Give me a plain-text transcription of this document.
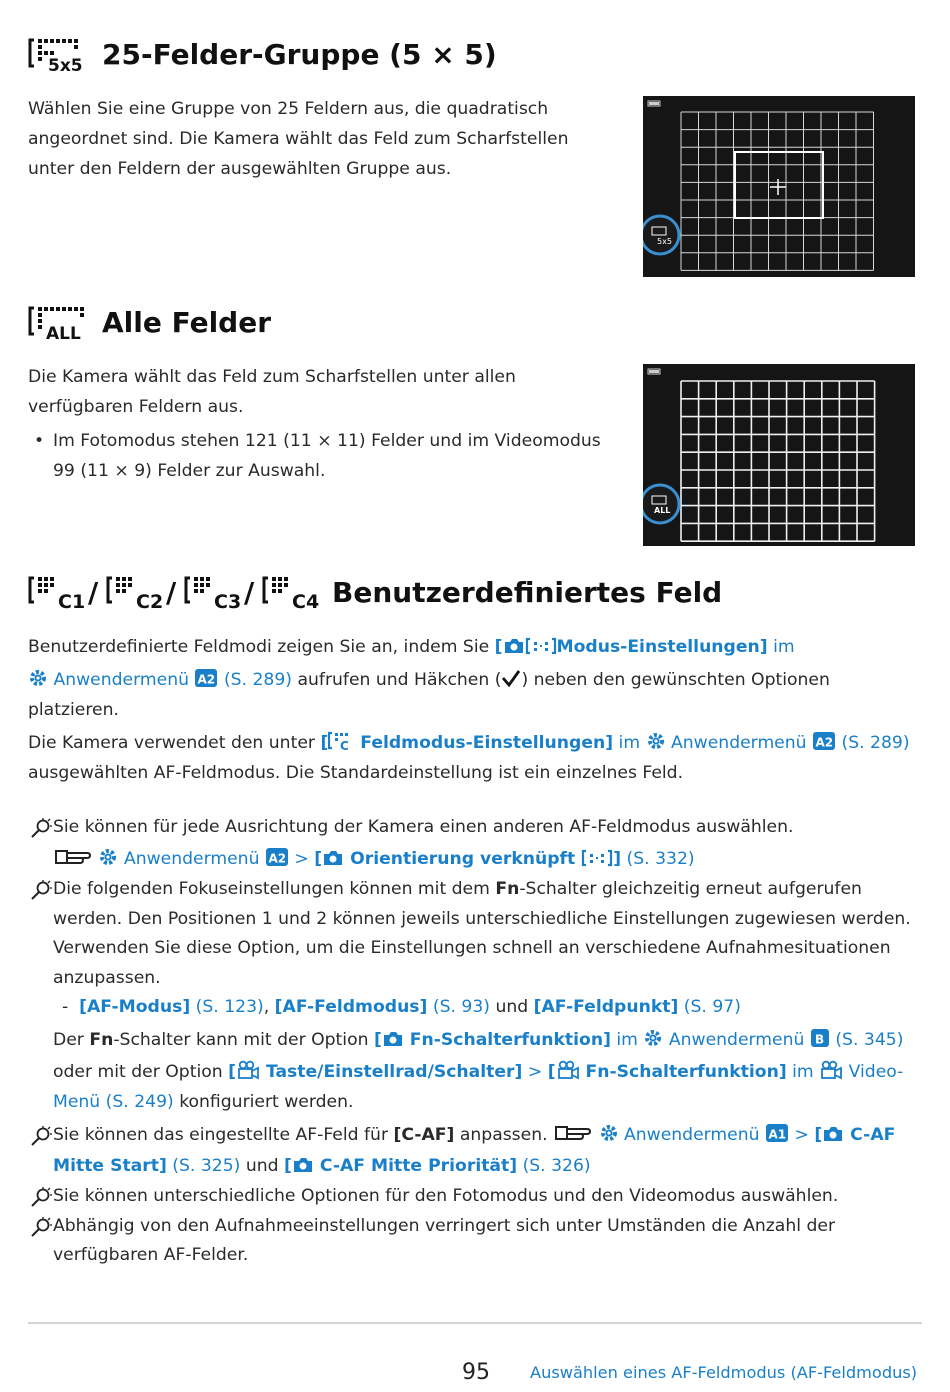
5x5 25-Felder-Gruppe (5 × 5)
Wählen Sie eine Gruppe von 25 Feldern aus, die quadratisch
angeordnet sind. Die Kamera wählt das Feld zum Scharfstellen
unter den Feldern der ausgewählten Gruppe aus.
5x5
ALL Alle Felder
Die Kamera wählt das Feld zum Scharfstellen unter allen
verfügbaren Feldern aus.
• Im Fotomodus stehen 121 (11 × 11) Felder und im Videomodus
99 (11 × 9) Felder zur Auswahl.
ALL
C1 / C2 / C3 / C4 Benutzerdefiniertes Feld
Benutzerdefinierte Feldmodi zeigen Sie an, indem Sie [	Modus-Einstellungen] im
Anwendermenü A2 (S. 289) aufrufen und Häkchen ( ) neben den gewünschten Optionen
platzieren.
Die Kamera verwendet den unter [ C Feldmodus-Einstellungen] im Anwendermenü A2 (S. 289)
ausgewählten AF-Feldmodus. Die Standardeinstellung ist ein einzelnes Feld.
Sie können für jede Ausrichtung der Kamera einen anderen AF-Feldmodus auswählen.
Anwendermenü A2 > [ Orientierung verknüpft ] (S. 332)
Die folgenden Fokuseinstellungen können mit dem Fn-Schalter gleichzeitig erneut aufgerufen
werden. Den Positionen 1 und 2 können jeweils unterschiedliche Einstellungen zugewiesen werden.
Verwenden Sie diese Option, um die Einstellungen schnell an verschiedene Aufnahmesituationen
anzupassen.
- [AF-Modus] (S. 123), [AF-Feldmodus] (S. 93) und [AF-Feldpunkt] (S. 97)
Der Fn-Schalter kann mit der Option [ Fn-Schalterfunktion] im Anwendermenü B (S. 345)
oder mit der Option [ Taste/Einstellrad/Schalter] > [ Fn-Schalterfunktion] im Video-
Menü (S. 249) konfiguriert werden.
Sie können das eingestellte AF-Feld für [C-AF] anpassen.	Anwendermenü A1 > [ C-AF
Mitte Start] (S. 325) und [ C-AF Mitte Priorität] (S. 326)
Sie können unterschiedliche Optionen für den Fotomodus und den Videomodus auswählen.
Abhängig von den Aufnahmeeinstellungen verringert sich unter Umständen die Anzahl der
verfügbaren AF-Felder.
95 Auswählen eines AF-Feldmodus (AF-Feldmodus)
